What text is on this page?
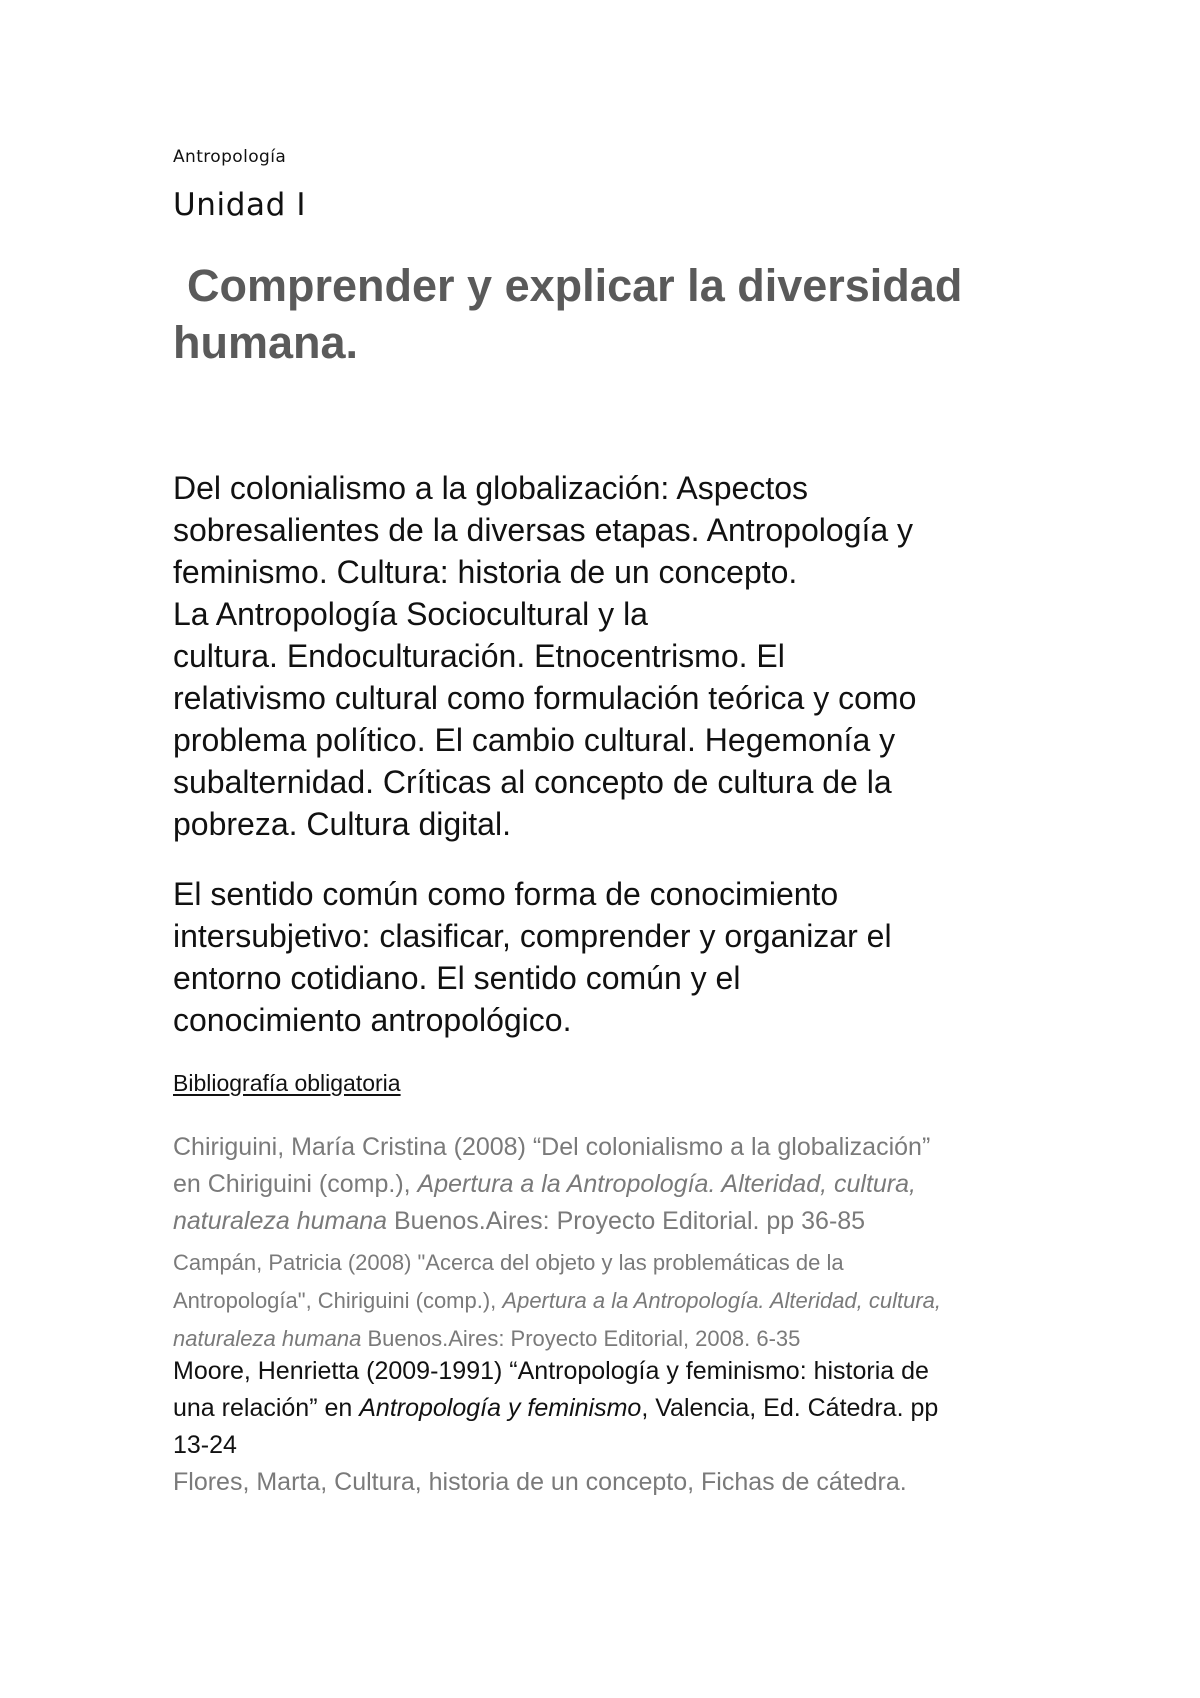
Antropología

Unidad I

Comprender y explicar la diversidad

humana.

Del colonialismo a la globalización: Aspectos

sobresalientes de la diversas etapas. Antropología y

feminismo. Cultura: historia de un concepto.

La Antropología Sociocultural y la

cultura. Endoculturación. Etnocentrismo. El

relativismo cultural como formulación teórica y como

problema político. El cambio cultural. Hegemonía y

subalternidad. Críticas al concepto de cultura de la

pobreza. Cultura digital.

El sentido común como forma de conocimiento

intersubjetivo: clasificar, comprender y organizar el

entorno cotidiano. El sentido común y el

conocimiento antropológico.

Bibliografía obligatoria

Chiriguini, María Cristina (2008) “Del colonialismo a la globalización”

en Chiriguini (comp.), Apertura a la Antropología. Alteridad, cultura,

naturaleza humana Buenos.Aires: Proyecto Editorial. pp 36-85

Campán, Patricia (2008) "Acerca del objeto y las problemáticas de la

Antropología", Chiriguini (comp.), Apertura a la Antropología. Alteridad, cultura,

naturaleza humana Buenos.Aires: Proyecto Editorial, 2008. 6-35

Moore, Henrietta (2009-1991) “Antropología y feminismo: historia de

una relación” en Antropología y feminismo, Valencia, Ed. Cátedra. pp

13-24

Flores, Marta, Cultura, historia de un concepto, Fichas de cátedra.
